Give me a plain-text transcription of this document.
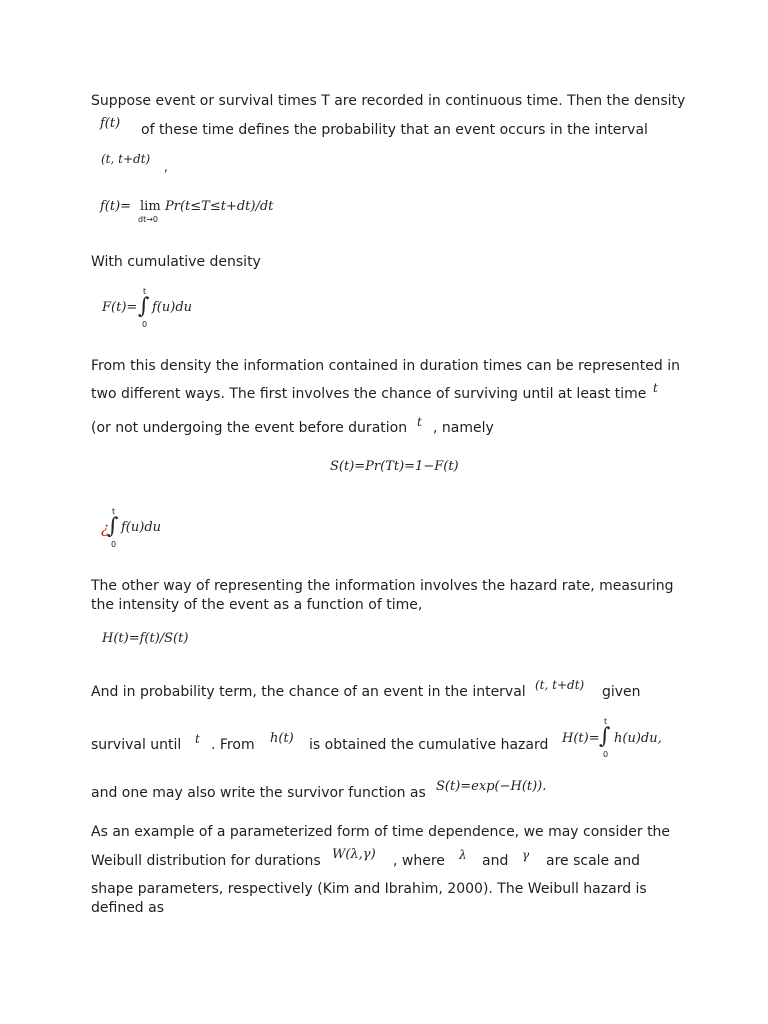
Suppose event or survival times T are recorded in continuous time. Then the density
f(t) of these time defines the probability that an event occurs in the interval
(t, t+dt)
,
f(t)= lim
dt→0
Pr(t≤T≤t+dt)/dt
With cumulative density
F(t)=
t
∫
0
f(u)du
From this density the information contained in duration times can be represented in
two different ways. The first involves the chance of surviving until at least time t
(or not undergoing the event before duration t , namely
S(t)=Pr(Tt)=1−F(t)
¿
t
∫
0
f(u)du
The other way of representing the information involves the hazard rate, measuring
the intensity of the event as a function of time,
H(t)=f(t)/S(t)
And in probability term, the chance of an event in the interval (t, t+dt) given
survival until t . From h(t) is obtained the cumulative hazard H(t)=
t
∫
0
h(u)du,
and one may also write the survivor function as S(t)=exp(−H(t)).
As an example of a parameterized form of time dependence, we may consider the
Weibull distribution for durations W(λ,γ) , where λ and γ are scale and
shape parameters, respectively (Kim and Ibrahim, 2000). The Weibull hazard is
defined as
